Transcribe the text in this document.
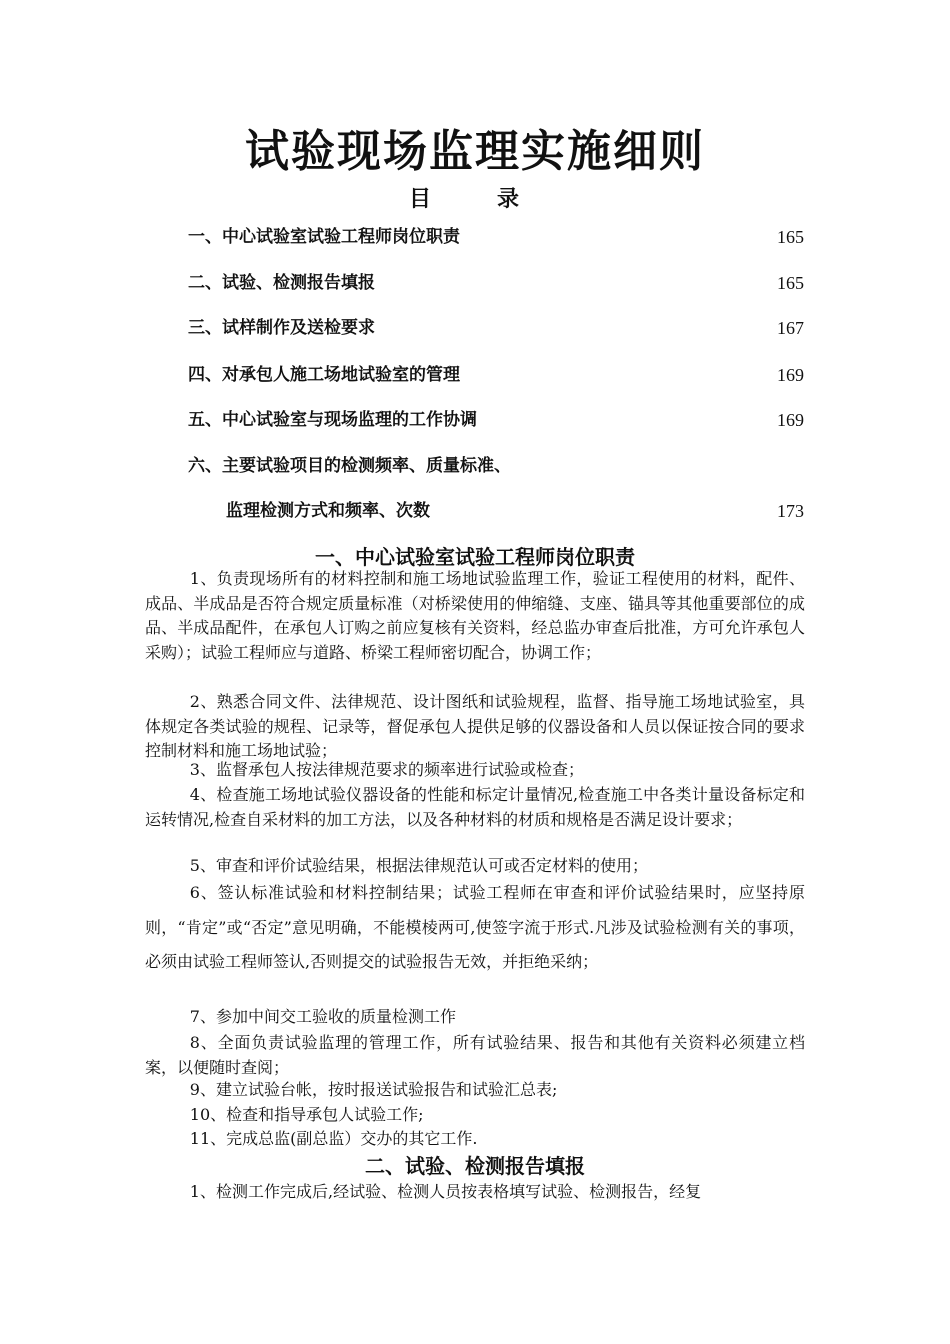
试验现场监理实施细则
目　录
一、中心试验室试验工程师岗位职责	165
二、试验、检测报告填报	165
三、试样制作及送检要求	167
四、对承包人施工场地试验室的管理	169
五、中心试验室与现场监理的工作协调	169
六、主要试验项目的检测频率、质量标准、
监理检测方式和频率、次数	173
一、中心试验室试验工程师岗位职责
1、负责现场所有的材料控制和施工场地试验监理工作，验证工程使用的材料，配件、成品、半成品是否符合规定质量标准（对桥梁使用的伸缩缝、支座、锚具等其他重要部位的成品、半成品配件，在承包人订购之前应复核有关资料，经总监办审查后批准，方可允许承包人采购）；试验工程师应与道路、桥梁工程师密切配合，协调工作；
2、熟悉合同文件、法律规范、设计图纸和试验规程，监督、指导施工场地试验室，具体规定各类试验的规程、记录等，督促承包人提供足够的仪器设备和人员以保证按合同的要求控制材料和施工场地试验；
3、监督承包人按法律规范要求的频率进行试验或检查；
4、检查施工场地试验仪器设备的性能和标定计量情况,检查施工中各类计量设备标定和运转情况,检查自采材料的加工方法，以及各种材料的材质和规格是否满足设计要求；
5、审查和评价试验结果，根据法律规范认可或否定材料的使用；
6、签认标准试验和材料控制结果；试验工程师在审查和评价试验结果时，应坚持原则，“肯定”或“否定”意见明确，不能模棱两可,使签字流于形式.凡涉及试验检测有关的事项，必须由试验工程师签认,否则提交的试验报告无效，并拒绝采纳；
7、参加中间交工验收的质量检测工作
8、全面负责试验监理的管理工作，所有试验结果、报告和其他有关资料必须建立档案，以便随时查阅；
9、建立试验台帐，按时报送试验报告和试验汇总表;
10、检查和指导承包人试验工作;
11、完成总监(副总监）交办的其它工作.
二、试验、检测报告填报
1、检测工作完成后,经试验、检测人员按表格填写试验、检测报告，经复
